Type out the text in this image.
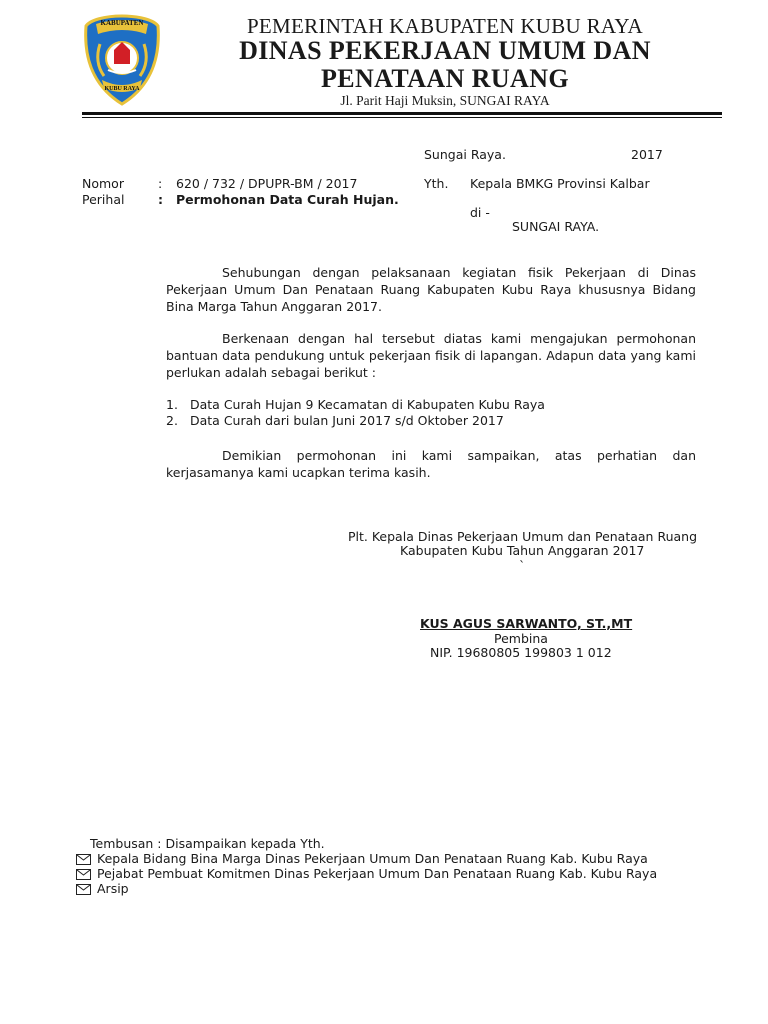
KABUPATEN
KUBU RAYA
PEMERINTAH KABUPATEN KUBU RAYA
DINAS PEKERJAAN UMUM DAN
PENATAAN RUANG
Jl. Parit Haji Muksin, SUNGAI RAYA
Sungai Raya.	2017
Nomor	: 620 / 732 / DPUPR-BM / 2017
Perihal	: Permohonan Data Curah Hujan.
Yth. Kepala BMKG Provinsi Kalbar
di -
SUNGAI RAYA.
Sehubungan dengan pelaksanaan kegiatan fisik Pekerjaan di Dinas Pekerjaan Umum Dan Penataan Ruang Kabupaten Kubu Raya khususnya Bidang Bina Marga Tahun Anggaran 2017.
Berkenaan dengan hal tersebut diatas kami mengajukan permohonan bantuan data pendukung untuk pekerjaan fisik di lapangan. Adapun data yang kami perlukan adalah sebagai berikut :
1. Data Curah Hujan 9 Kecamatan di Kabupaten Kubu Raya
2. Data Curah dari bulan Juni 2017 s/d Oktober 2017
Demikian permohonan ini kami sampaikan, atas perhatian dan kerjasamanya kami ucapkan terima kasih.
Plt. Kepala Dinas Pekerjaan Umum dan Penataan Ruang
Kabupaten Kubu Tahun Anggaran 2017
`
KUS AGUS SARWANTO, ST.,MT
Pembina
NIP. 19680805 199803 1 012
Tembusan : Disampaikan kepada Yth.
Kepala Bidang Bina Marga Dinas Pekerjaan Umum Dan Penataan Ruang Kab. Kubu Raya
Pejabat Pembuat Komitmen Dinas Pekerjaan Umum Dan Penataan Ruang Kab. Kubu Raya
Arsip
